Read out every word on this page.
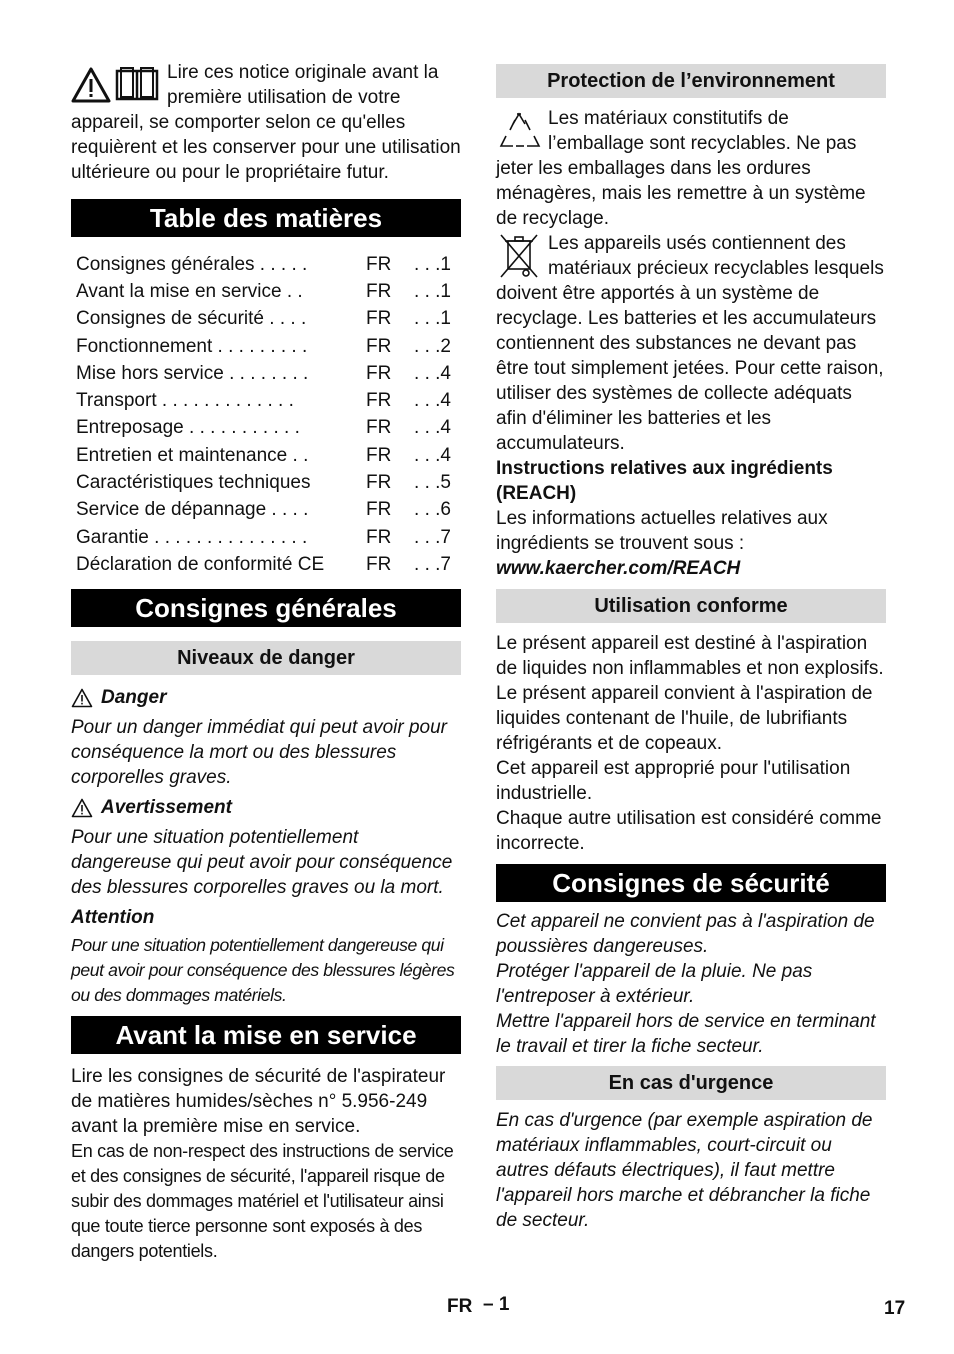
Lire ces notice originale avant la première utilisation de votre appareil, se comporter selon ce qu'elles requièrent et les conserver pour une utilisation ultérieure ou pour le propriétaire futur.

Table des matières
Consignes générales . . . . .	FR	. . .1
Avant la mise en service . .	FR	. . .1
Consignes de sécurité . . . .	FR	. . .1
Fonctionnement . . . . . . . . .	FR	. . .2
Mise hors service . . . . . . . .	FR	. . .4
Transport . . . . . . . . . . . . .	FR	. . .4
Entreposage . . . . . . . . . . .	FR	. . .4
Entretien et maintenance . .	FR	. . .4
Caractéristiques techniques	FR	. . .5
Service de dépannage . . . .	FR	. . .6
Garantie . . . . . . . . . . . . . . .	FR	. . .7
Déclaration de conformité CE	FR	. . .7
Consignes générales
Niveaux de danger
Danger

Pour un danger immédiat qui peut avoir pour conséquence la mort ou des blessures corporelles graves.

Avertissement

Pour une situation potentiellement dangereuse qui peut avoir pour conséquence des blessures corporelles graves ou la mort.

Attention

Pour une situation potentiellement dangereuse qui peut avoir pour conséquence des blessures légères ou des dommages matériels.

Avant la mise en service

Lire les consignes de sécurité de l'aspirateur de matières humides/sèches n° 5.956-249 avant la première mise en service.

En cas de non-respect des instructions de service et des consignes de sécurité, l'appareil risque de subir des dommages matériel et l'utilisateur ainsi que toute tierce personne sont exposés à des dangers potentiels.

Protection de l’environnement

Les matériaux constitutifs de l’emballage sont recyclables. Ne pas jeter les emballages dans les ordures ménagères, mais les remettre à un système de recyclage.

Les appareils usés contiennent des matériaux précieux recyclables lesquels doivent être apportés à un système de recyclage. Les batteries et les accumulateurs contiennent des substances ne devant pas être tout simplement jetées. Pour cette raison, utiliser des systèmes de collecte adéquats afin d'éliminer les batteries et les accumulateurs.

Instructions relatives aux ingrédients (REACH)

Les informations actuelles relatives aux ingrédients se trouvent sous :

www.kaercher.com/REACH

Utilisation conforme

Le présent appareil est destiné à l'aspiration de liquides non inflammables et non explosifs.

Le présent appareil convient à l'aspiration de liquides contenant de l'huile, de lubrifiants réfrigérants et de copeaux.

Cet appareil est approprié pour l'utilisation industrielle.

Chaque autre utilisation est considéré comme incorrecte.

Consignes de sécurité

Cet appareil ne convient pas à l'aspiration de poussières dangereuses.

Protéger l'appareil de la pluie. Ne pas l'entreposer à extérieur.

Mettre l'appareil hors de service en terminant le travail et tirer la fiche secteur.

En cas d'urgence

En cas d'urgence (par exemple aspiration de matériaux inflammables, court-circuit ou autres défauts électriques), il faut mettre l'appareil hors marche et débrancher la fiche de secteur.

FR – 1	17
